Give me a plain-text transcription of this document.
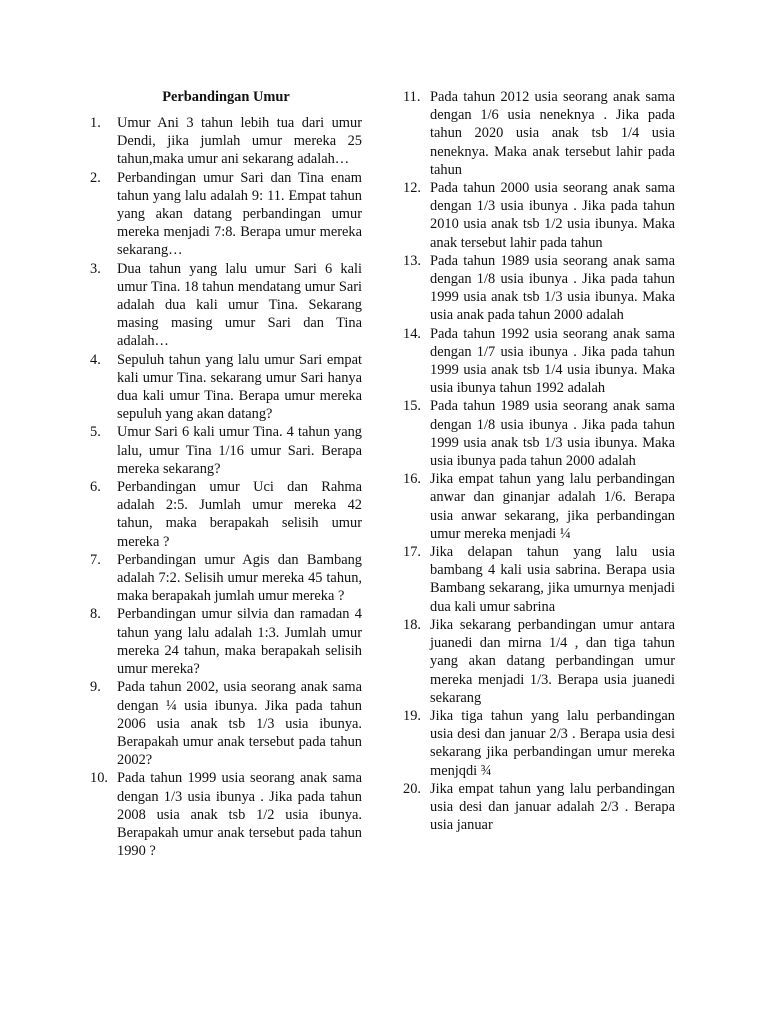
Perbandingan Umur
1. Umur Ani 3 tahun lebih tua dari umur Dendi, jika jumlah umur mereka 25 tahun,maka umur ani sekarang adalah…
2. Perbandingan umur Sari dan Tina enam tahun yang lalu adalah 9: 11. Empat tahun yang akan datang perbandingan umur mereka menjadi 7:8. Berapa umur mereka sekarang…
3. Dua tahun yang lalu umur Sari 6 kali umur Tina. 18 tahun mendatang umur Sari adalah dua kali umur Tina. Sekarang masing masing umur Sari dan Tina adalah…
4. Sepuluh tahun yang lalu umur Sari empat kali umur Tina. sekarang umur Sari hanya dua kali umur Tina. Berapa umur mereka sepuluh yang akan datang?
5. Umur Sari 6 kali umur Tina. 4 tahun yang lalu, umur Tina 1/16 umur Sari. Berapa mereka sekarang?
6. Perbandingan umur Uci dan Rahma adalah 2:5. Jumlah umur mereka 42 tahun, maka berapakah selisih umur mereka ?
7. Perbandingan umur Agis dan Bambang adalah 7:2. Selisih umur mereka 45 tahun, maka berapakah jumlah umur mereka ?
8. Perbandingan umur silvia dan ramadan 4 tahun yang lalu adalah 1:3. Jumlah umur mereka 24 tahun, maka berapakah selisih umur mereka?
9. Pada tahun 2002, usia seorang anak sama dengan ¼ usia ibunya. Jika pada tahun 2006 usia anak tsb 1/3 usia ibunya. Berapakah umur anak tersebut pada tahun 2002?
10. Pada tahun 1999 usia seorang anak sama dengan 1/3 usia ibunya . Jika pada tahun 2008 usia anak tsb 1/2 usia ibunya. Berapakah umur anak tersebut pada tahun 1990 ?
11. Pada tahun 2012 usia seorang anak sama dengan 1/6 usia neneknya . Jika pada tahun 2020 usia anak tsb 1/4 usia neneknya. Maka anak tersebut lahir pada tahun
12. Pada tahun 2000 usia seorang anak sama dengan 1/3 usia ibunya . Jika pada tahun 2010 usia anak tsb 1/2 usia ibunya. Maka anak tersebut lahir pada tahun
13. Pada tahun 1989 usia seorang anak sama dengan 1/8 usia ibunya . Jika pada tahun 1999 usia anak tsb 1/3 usia ibunya. Maka usia anak pada tahun 2000 adalah
14. Pada tahun 1992 usia seorang anak sama dengan 1/7 usia ibunya . Jika pada tahun 1999 usia anak tsb 1/4 usia ibunya. Maka usia ibunya tahun 1992 adalah
15. Pada tahun 1989 usia seorang anak sama dengan 1/8 usia ibunya . Jika pada tahun 1999 usia anak tsb 1/3 usia ibunya. Maka usia ibunya pada tahun 2000 adalah
16. Jika empat tahun yang lalu perbandingan anwar dan ginanjar adalah 1/6. Berapa usia anwar sekarang, jika perbandingan umur mereka menjadi ¼
17. Jika delapan tahun yang lalu usia bambang 4 kali usia sabrina. Berapa usia Bambang sekarang, jika umurnya menjadi dua kali umur sabrina
18. Jika sekarang perbandingan umur antara juanedi dan mirna 1/4 , dan tiga tahun yang akan datang perbandingan umur mereka menjadi 1/3. Berapa usia juanedi sekarang
19. Jika tiga tahun yang lalu perbandingan usia desi dan januar 2/3 . Berapa usia desi sekarang jika perbandingan umur mereka menjqdi ¾
20. Jika empat tahun yang lalu perbandingan usia desi dan januar adalah 2/3 . Berapa usia januar
